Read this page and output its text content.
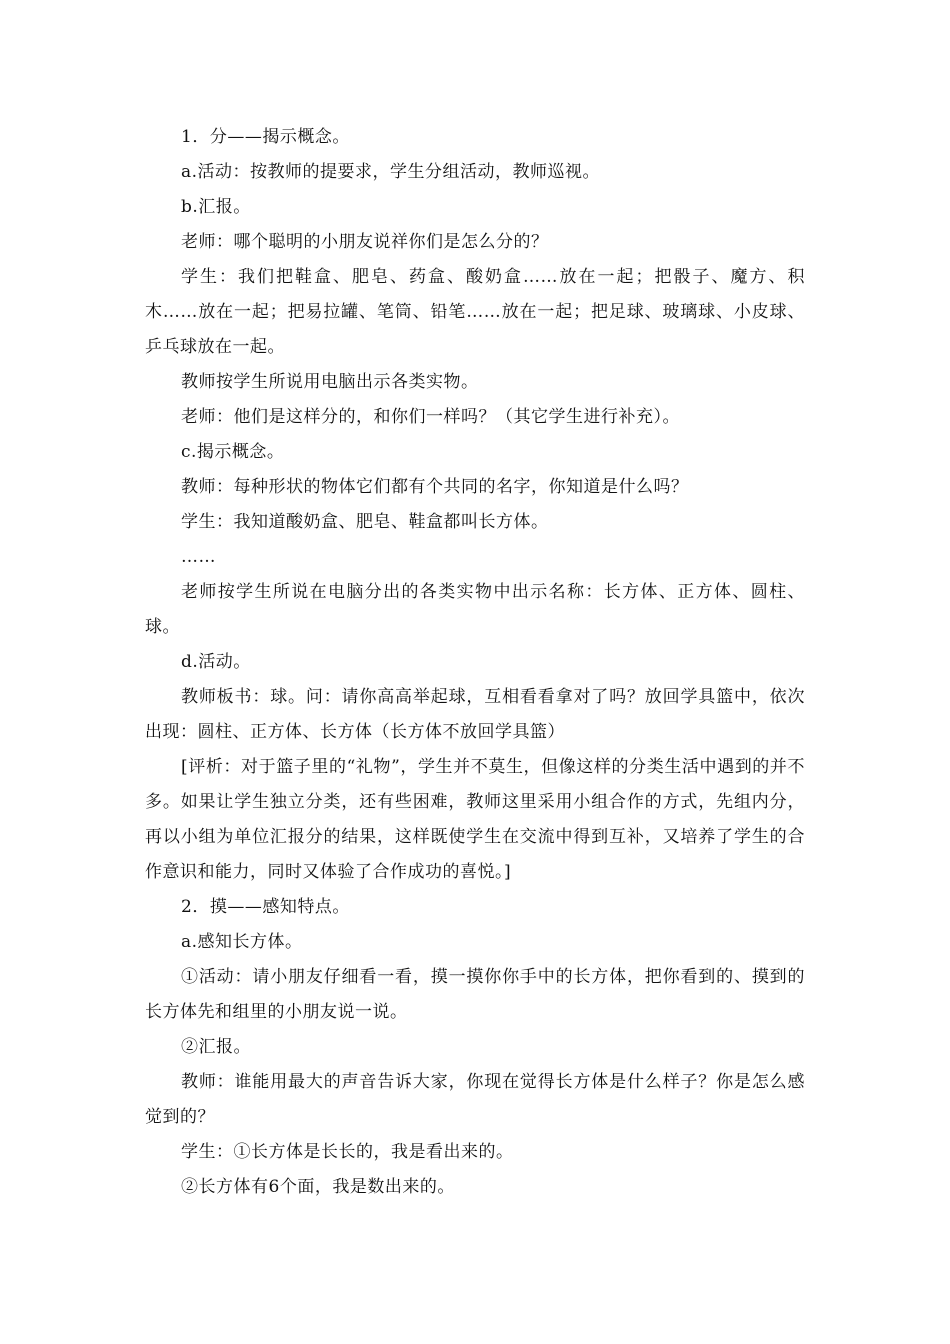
1．分——揭示概念。

a.活动：按教师的提要求，学生分组活动，教师巡视。

b.汇报。

老师：哪个聪明的小朋友说祥你们是怎么分的？

学生：我们把鞋盒、肥皂、药盒、酸奶盒……放在一起；把骰子、魔方、积木……放在一起；把易拉罐、笔筒、铅笔……放在一起；把足球、玻璃球、小皮球、乒乓球放在一起。

教师按学生所说用电脑出示各类实物。

老师：他们是这样分的，和你们一样吗？（其它学生进行补充）。

c.揭示概念。

教师：每种形状的物体它们都有个共同的名字，你知道是什么吗？

学生：我知道酸奶盒、肥皂、鞋盒都叫长方体。

……

老师按学生所说在电脑分出的各类实物中出示名称：长方体、正方体、圆柱、球。

d.活动。

教师板书：球。问：请你高高举起球，互相看看拿对了吗？放回学具篮中，依次出现：圆柱、正方体、长方体（长方体不放回学具篮）

[评析：对于篮子里的“礼物”，学生并不莫生，但像这样的分类生活中遇到的并不多。如果让学生独立分类，还有些困难，教师这里采用小组合作的方式，先组内分，再以小组为单位汇报分的结果，这样既使学生在交流中得到互补，又培养了学生的合作意识和能力，同时又体验了合作成功的喜悦。]

2．摸——感知特点。

a.感知长方体。

①活动：请小朋友仔细看一看，摸一摸你你手中的长方体，把你看到的、摸到的长方体先和组里的小朋友说一说。

②汇报。

教师：谁能用最大的声音告诉大家，你现在觉得长方体是什么样子？你是怎么感觉到的？

学生：①长方体是长长的，我是看出来的。

②长方体有6个面，我是数出来的。
